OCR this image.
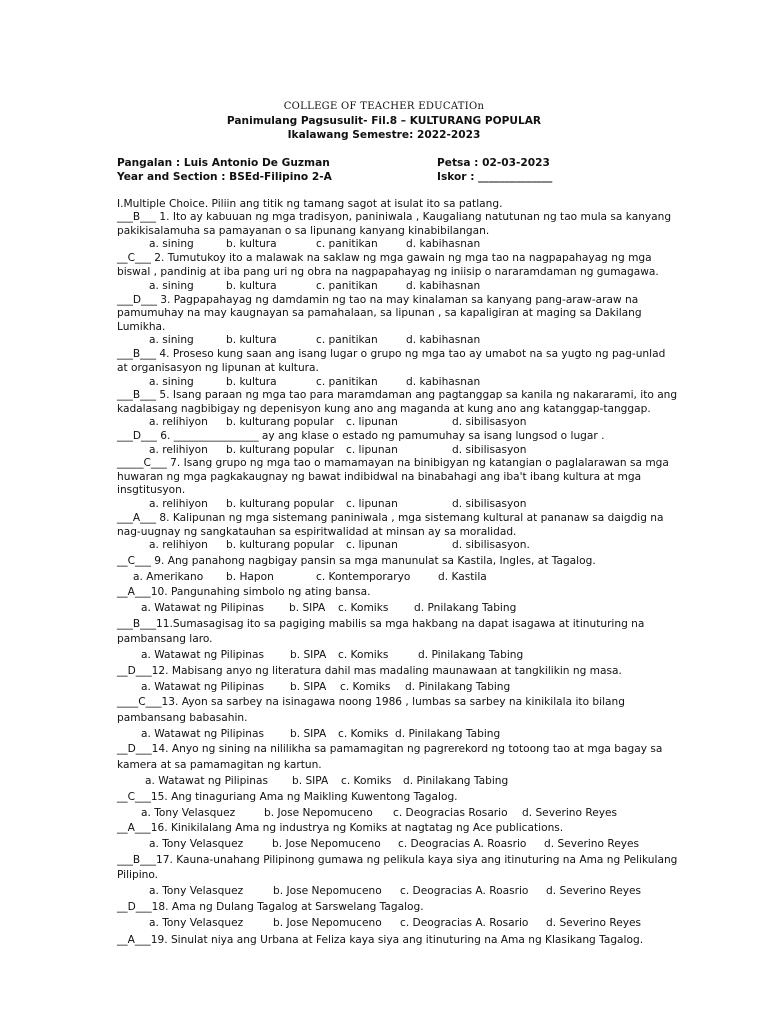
COLLEGE OF TEACHER EDUCATIOn
Panimulang Pagsusulit- Fil.8 – KULTURANG POPULAR
Ikalawang Semestre: 2022-2023
Pangalan : Luis Antonio De Guzman
Year and Section : BSEd-Filipino 2-A
Petsa : 02-03-2023
Iskor : ______________
I.Multiple Choice. Piliin ang titik ng tamang sagot at isulat ito sa patlang.
___B___ 1. Ito ay kabuuan ng mga tradisyon, paniniwala , Kaugaliang natutunan ng tao mula sa kanyang
pakikisalamuha sa pamayanan o sa lipunang kanyang kinabibilangan.
a. sining	b. kultura	c. panitikan	d. kabihasnan
__C___ 2. Tumutukoy ito a malawak na saklaw ng mga gawain ng mga tao na nagpapahayag ng mga
biswal , pandinig at iba pang uri ng obra na nagpapahayag ng iniisip o nararamdaman ng gumagawa.
a. sining	b. kultura	c. panitikan	d. kabihasnan
___D___ 3. Pagpapahayag ng damdamin ng tao na may kinalaman sa kanyang pang-araw-araw na
pamumuhay na may kaugnayan sa pamahalaan, sa lipunan , sa kapaligiran at maging sa Dakilang
Lumikha.
a. sining	b. kultura	c. panitikan	d. kabihasnan
___B___ 4. Proseso kung saan ang isang lugar o grupo ng mga tao ay umabot na sa yugto ng pag-unlad
at organisasyon ng lipunan at kultura.
a. sining	b. kultura	c. panitikan	d. kabihasnan
___B___ 5. Isang paraan ng mga tao para maramdaman ang pagtanggap sa kanila ng nakararami, ito ang
kadalasang nagbibigay ng depenisyon kung ano ang maganda at kung ano ang katanggap-tanggap.
a. relihiyon b. kulturang popular c. lipunan	d. sibilisasyon
___D___ 6. ________________ ay ang klase o estado ng pamumuhay sa isang lungsod o lugar .
a. relihiyon b. kulturang popular c. lipunan	d. sibilisasyon
_____C___ 7. Isang grupo ng mga tao o mamamayan na binibigyan ng katangian o paglalarawan sa mga
huwaran ng mga pagkakaugnay ng bawat indibidwal na binabahagi ang iba't ibang kultura at mga
insgtitusyon.
a. relihiyon b. kulturang popular c. lipunan	d. sibilisasyon
___A___ 8. Kalipunan ng mga sistemang paniniwala , mga sistemang kultural at pananaw sa daigdig na
nag-uugnay ng sangkatauhan sa espiritwalidad at minsan ay sa moralidad.
a. relihiyon b. kulturang popular c. lipunan	d. sibilisasyon.
__C___ 9. Ang panahong nagbigay pansin sa mga manunulat sa Kastila, Ingles, at Tagalog.
a. Amerikano b. Hapon	c. Kontemporaryo	d. Kastila
__A___10. Pangunahing simbolo ng ating bansa.
a. Watawat ng Pilipinas b. SIPA c. Komiks d. Pnilakang Tabing
___B___11.Sumasagisag ito sa pagiging mabilis sa mga hakbang na dapat isagawa at itinuturing na
pambansang laro.
a. Watawat ng Pilipinas b. SIPA c. Komiks	d. Pinilakang Tabing
__D___12. Mabisang anyo ng literatura dahil mas madaling maunawaan at tangkilikin ng masa.
a. Watawat ng Pilipinas b. SIPA c. Komiks d. Pinilakang Tabing
____C___13. Ayon sa sarbey na isinagawa noong 1986 , lumbas sa sarbey na kinikilala ito bilang
pambansang babasahin.
a. Watawat ng Pilipinas b. SIPA c. Komiks d. Pinilakang Tabing
__D___14. Anyo ng sining na nililikha sa pamamagitan ng pagrerekord ng totoong tao at mga bagay sa
kamera at sa pamamagitan ng kartun.
a. Watawat ng Pilipinas b. SIPA c. Komiks d. Pinilakang Tabing
__C___15. Ang tinaguriang Ama ng Maikling Kuwentong Tagalog.
a. Tony Velasquez	b. Jose Nepomuceno c. Deogracias Rosario d. Severino Reyes
__A___16. Kinikilalang Ama ng industrya ng Komiks at nagtatag ng Ace publications.
a. Tony Velasquez	b. Jose Nepomuceno c. Deogracias A. Roasrio d. Severino Reyes
___B___17. Kauna-unahang Pilipinong gumawa ng pelikula kaya siya ang itinuturing na Ama ng Pelikulang
Pilipino.
a. Tony Velasquez	b. Jose Nepomuceno c. Deogracias A. Roasrio d. Severino Reyes
__D___18. Ama ng Dulang Tagalog at Sarswelang Tagalog.
a. Tony Velasquez	b. Jose Nepomuceno c. Deogracias A. Rosario d. Severino Reyes
__A___19. Sinulat niya ang Urbana at Feliza kaya siya ang itinuturing na Ama ng Klasikang Tagalog.
